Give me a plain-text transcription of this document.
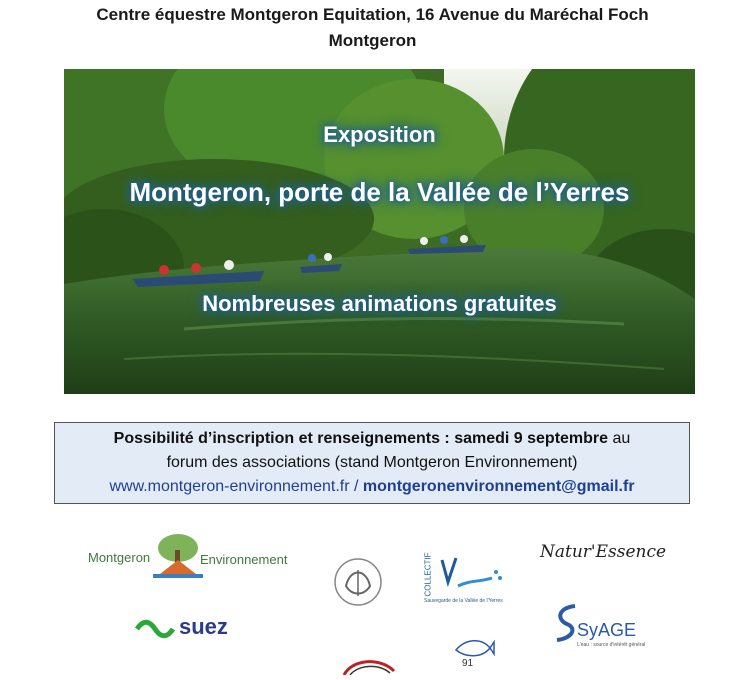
Centre équestre Montgeron Equitation, 16 Avenue du Maréchal Foch
Montgeron
Exposition
Montgeron, porte de la Vallée de l’Yerres
Nombreuses animations gratuites
Possibilité d’inscription et renseignements : samedi 9 septembre au
forum des associations (stand Montgeron Environnement)
www.montgeron-environnement.fr / montgeronenvironnement@gmail.fr
Montgeron	Environnement
suez
COLLECTIF
Sauvegarde de la Vallée de l'Yerres
Natur'Essence
SyAGE
L'eau : source d'intérêt général
91
